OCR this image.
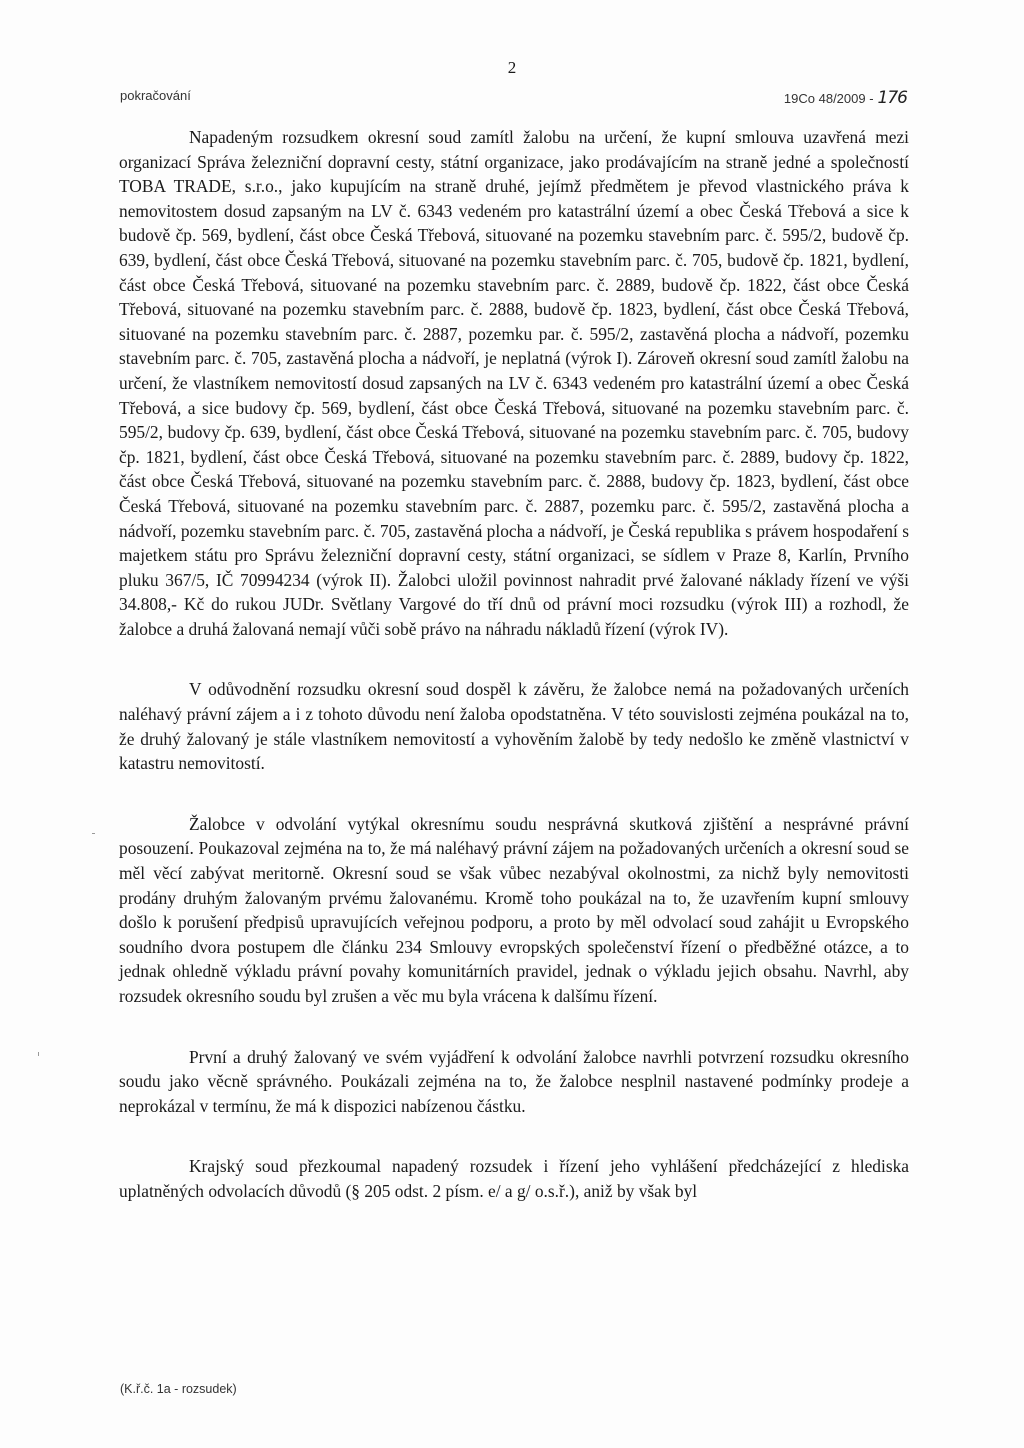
2
pokračování	19Co 48/2009 - 176

Napadeným rozsudkem okresní soud zamítl žalobu na určení, že kupní smlouva uzavřená mezi organizací Správa železniční dopravní cesty, státní organizace, jako prodávajícím na straně jedné a společností TOBA TRADE, s.r.o., jako kupujícím na straně druhé, jejímž předmětem je převod vlastnického práva k nemovitostem dosud zapsaným na LV č. 6343 vedeném pro katastrální území a obec Česká Třebová a sice k budově čp. 569, bydlení, část obce Česká Třebová, situované na pozemku stavebním parc. č. 595/2, budově čp. 639, bydlení, část obce Česká Třebová, situované na pozemku stavebním parc. č. 705, budově čp. 1821, bydlení, část obce Česká Třebová, situované na pozemku stavebním parc. č. 2889, budově čp. 1822, část obce Česká Třebová, situované na pozemku stavebním parc. č. 2888, budově čp. 1823, bydlení, část obce Česká Třebová, situované na pozemku stavebním parc. č. 2887, pozemku par. č. 595/2, zastavěná plocha a nádvoří, pozemku stavebním parc. č. 705, zastavěná plocha a nádvoří, je neplatná (výrok I). Zároveň okresní soud zamítl žalobu na určení, že vlastníkem nemovitostí dosud zapsaných na LV č. 6343 vedeném pro katastrální území a obec Česká Třebová, a sice budovy čp. 569, bydlení, část obce Česká Třebová, situované na pozemku stavebním parc. č. 595/2, budovy čp. 639, bydlení, část obce Česká Třebová, situované na pozemku stavebním parc. č. 705, budovy čp. 1821, bydlení, část obce Česká Třebová, situované na pozemku stavebním parc. č. 2889, budovy čp. 1822, část obce Česká Třebová, situované na pozemku stavebním parc. č. 2888, budovy čp. 1823, bydlení, část obce Česká Třebová, situované na pozemku stavebním parc. č. 2887, pozemku parc. č. 595/2, zastavěná plocha a nádvoří, pozemku stavebním parc. č. 705, zastavěná plocha a nádvoří, je Česká republika s právem hospodaření s majetkem státu pro Správu železniční dopravní cesty, státní organizaci, se sídlem v Praze 8, Karlín, Prvního pluku 367/5, IČ 70994234 (výrok II). Žalobci uložil povinnost nahradit prvé žalované náklady řízení ve výši 34.808,- Kč do rukou JUDr. Světlany Vargové do tří dnů od právní moci rozsudku (výrok III) a rozhodl, že žalobce a druhá žalovaná nemají vůči sobě právo na náhradu nákladů řízení (výrok IV).

V odůvodnění rozsudku okresní soud dospěl k závěru, že žalobce nemá na požadovaných určeních naléhavý právní zájem a i z tohoto důvodu není žaloba opodstatněna. V této souvislosti zejména poukázal na to, že druhý žalovaný je stále vlastníkem nemovitostí a vyhověním žalobě by tedy nedošlo ke změně vlastnictví v katastru nemovitostí.

Žalobce v odvolání vytýkal okresnímu soudu nesprávná skutková zjištění a nesprávné právní posouzení. Poukazoval zejména na to, že má naléhavý právní zájem na požadovaných určeních a okresní soud se měl věcí zabývat meritorně. Okresní soud se však vůbec nezabýval okolnostmi, za nichž byly nemovitosti prodány druhým žalovaným prvému žalovanému. Kromě toho poukázal na to, že uzavřením kupní smlouvy došlo k porušení předpisů upravujících veřejnou podporu, a proto by měl odvolací soud zahájit u Evropského soudního dvora postupem dle článku 234 Smlouvy evropských společenství řízení o předběžné otázce, a to jednak ohledně výkladu právní povahy komunitárních pravidel, jednak o výkladu jejich obsahu. Navrhl, aby rozsudek okresního soudu byl zrušen a věc mu byla vrácena k dalšímu řízení.

První a druhý žalovaný ve svém vyjádření k odvolání žalobce navrhli potvrzení rozsudku okresního soudu jako věcně správného. Poukázali zejména na to, že žalobce nesplnil nastavené podmínky prodeje a neprokázal v termínu, že má k dispozici nabízenou částku.

Krajský soud přezkoumal napadený rozsudek i řízení jeho vyhlášení předcházející z hlediska uplatněných odvolacích důvodů (§ 205 odst. 2 písm. e/ a g/ o.s.ř.), aniž by však byl

(K.ř.č. 1a - rozsudek)
